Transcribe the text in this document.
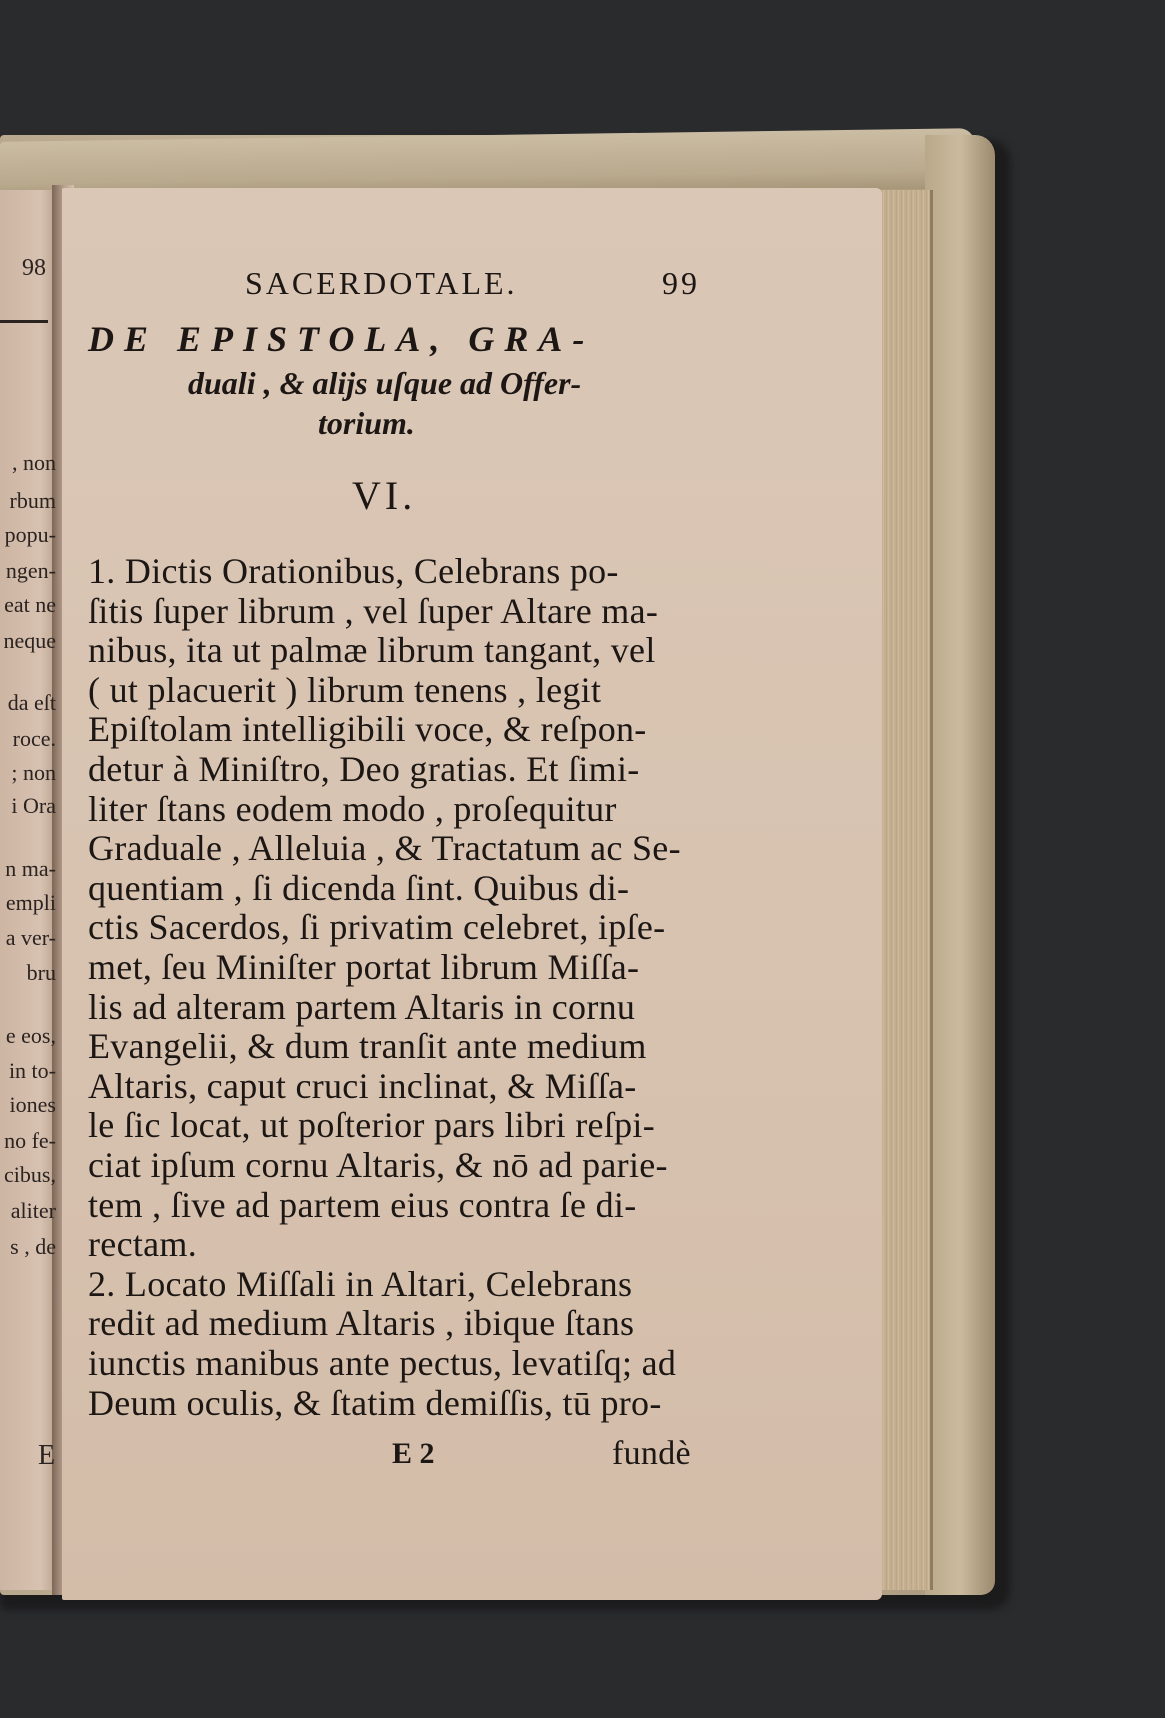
98
, non
rbum
popu-
ngen-
eat ne
neque
da eſt
roce.
; non
i Ora
n ma-
empli
a ver-
bru
e eos,
in to-
iones
no fe-
cibus,
aliter
s , de
E
SACERDOTALE.	99
DE EPISTOLA, GRA-
duali , & alijs uſque ad Offer-
torium.
VI.
1. Dictis Orationibus, Celebrans po-
ſitis ſuper librum , vel ſuper Altare ma-
nibus, ita ut palmæ librum tangant, vel
( ut placuerit ) librum tenens , legit
Epiſtolam intelligibili voce, & reſpon-
detur à Miniſtro, Deo gratias. Et ſimi-
liter ſtans eodem modo , proſequitur
Graduale , Alleluia , & Tractatum ac Se-
quentiam , ſi dicenda ſint. Quibus di-
ctis Sacerdos, ſi privatim celebret, ipſe-
met, ſeu Miniſter portat librum Miſſa-
lis ad alteram partem Altaris in cornu
Evangelii, & dum tranſit ante medium
Altaris, caput cruci inclinat, & Miſſa-
le ſic locat, ut poſterior pars libri reſpi-
ciat ipſum cornu Altaris, & nō ad parie-
tem , ſive ad partem eius contra ſe di-
rectam.
2. Locato Miſſali in Altari, Celebrans
redit ad medium Altaris , ibique ſtans
iunctis manibus ante pectus, levatiſq; ad
Deum oculis, & ſtatim demiſſis, tū pro-
E 2	fundè
